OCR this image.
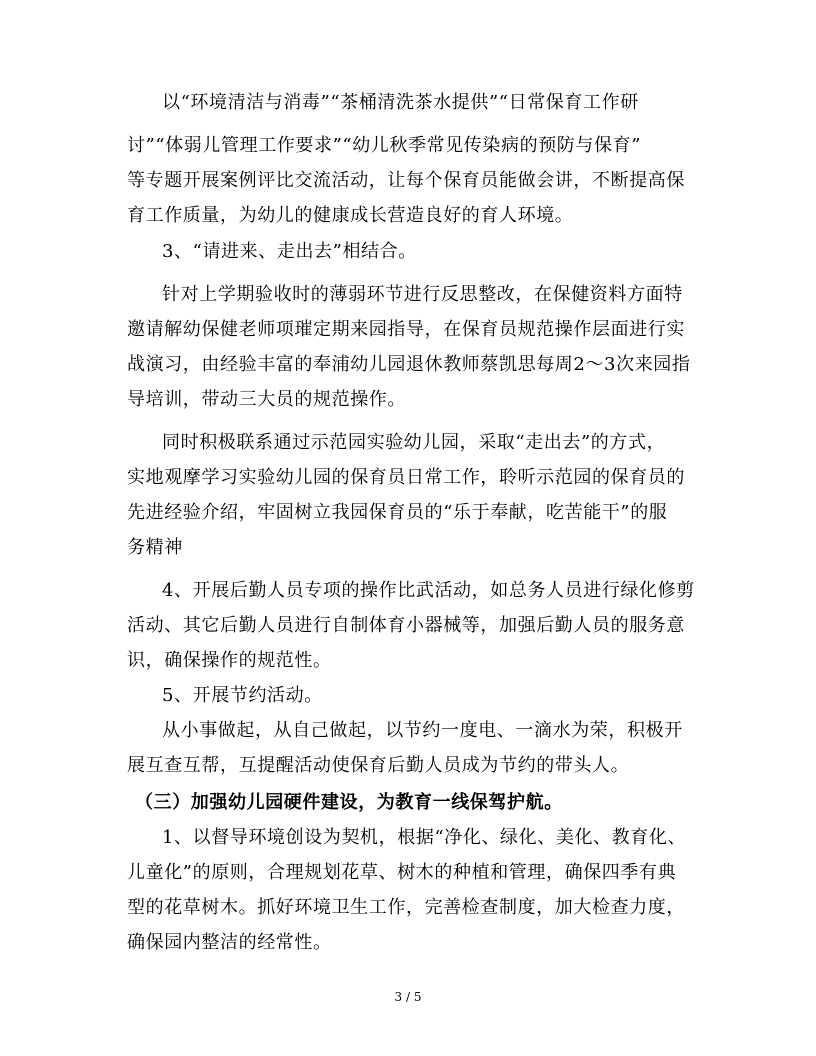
以“环境清洁与消毒”“茶桶清洗茶水提供”“日常保育工作研
讨”“体弱儿管理工作要求”“幼儿秋季常见传染病的预防与保育”
等专题开展案例评比交流活动，让每个保育员能做会讲，不断提高保
育工作质量，为幼儿的健康成长营造良好的育人环境。
3、“请进来、走出去”相结合。
针对上学期验收时的薄弱环节进行反思整改，在保健资料方面特
邀请解幼保健老师项璀定期来园指导，在保育员规范操作层面进行实
战演习，由经验丰富的奉浦幼儿园退休教师蔡凯思每周2～3次来园指
导培训，带动三大员的规范操作。
同时积极联系通过示范园实验幼儿园，采取“走出去”的方式，
实地观摩学习实验幼儿园的保育员日常工作，聆听示范园的保育员的
先进经验介绍，牢固树立我园保育员的“乐于奉献，吃苦能干”的服
务精神
4、开展后勤人员专项的操作比武活动，如总务人员进行绿化修剪
活动、其它后勤人员进行自制体育小器械等，加强后勤人员的服务意
识，确保操作的规范性。
5、开展节约活动。
从小事做起，从自己做起，以节约一度电、一滴水为荣，积极开
展互查互帮，互提醒活动使保育后勤人员成为节约的带头人。
（三）加强幼儿园硬件建设，为教育一线保驾护航。
1、以督导环境创设为契机，根据“净化、绿化、美化、教育化、
儿童化”的原则，合理规划花草、树木的种植和管理，确保四季有典
型的花草树木。抓好环境卫生工作，完善检查制度，加大检查力度，
确保园内整洁的经常性。
3 / 5
